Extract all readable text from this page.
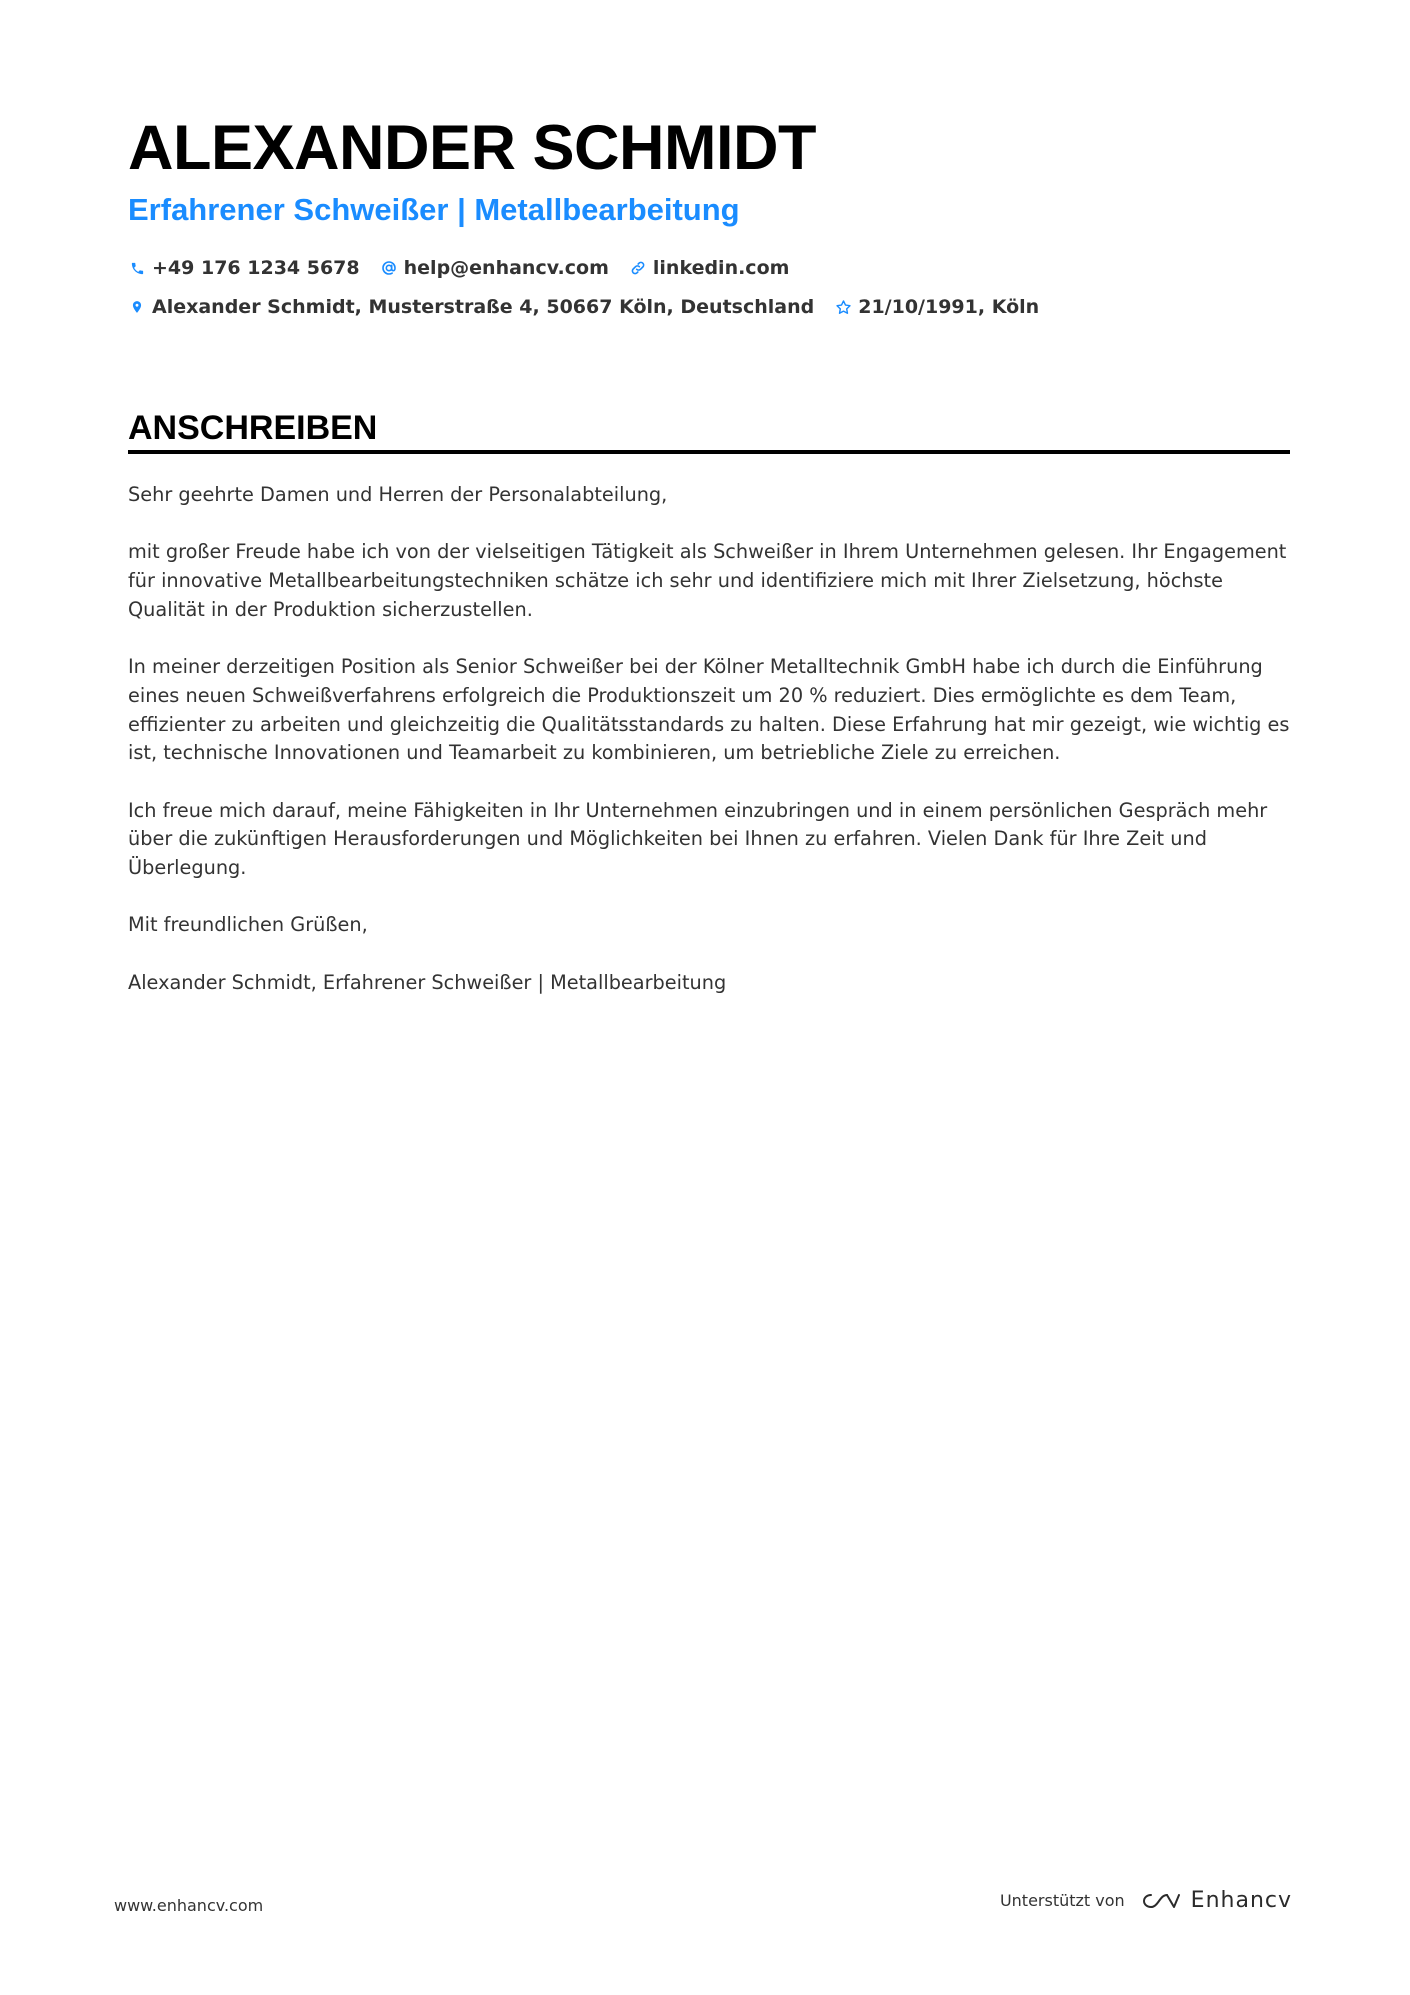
ALEXANDER SCHMIDT
Erfahrener Schweißer | Metallbearbeitung
+49 176 1234 5678 help@enhancv.com linkedin.com
Alexander Schmidt, Musterstraße 4, 50667 Köln, Deutschland 21/10/1991, Köln
ANSCHREIBEN

Sehr geehrte Damen und Herren der Personalabteilung,

mit großer Freude habe ich von der vielseitigen Tätigkeit als Schweißer in Ihrem Unternehmen gelesen. Ihr Engagement für innovative Metallbearbeitungstechniken schätze ich sehr und identifiziere mich mit Ihrer Zielsetzung, höchste Qualität in der Produktion sicherzustellen.

In meiner derzeitigen Position als Senior Schweißer bei der Kölner Metalltechnik GmbH habe ich durch die Einführung eines neuen Schweißverfahrens erfolgreich die Produktionszeit um 20 % reduziert. Dies ermöglichte es dem Team, effizienter zu arbeiten und gleichzeitig die Qualitätsstandards zu halten. Diese Erfahrung hat mir gezeigt, wie wichtig es ist, technische Innovationen und Teamarbeit zu kombinieren, um betriebliche Ziele zu erreichen.

Ich freue mich darauf, meine Fähigkeiten in Ihr Unternehmen einzubringen und in einem persönlichen Gespräch mehr über die zukünftigen Herausforderungen und Möglichkeiten bei Ihnen zu erfahren. Vielen Dank für Ihre Zeit und Überlegung.

Mit freundlichen Grüßen,

Alexander Schmidt, Erfahrener Schweißer | Metallbearbeitung

www.enhancv.com	Unterstützt von	Enhancv
